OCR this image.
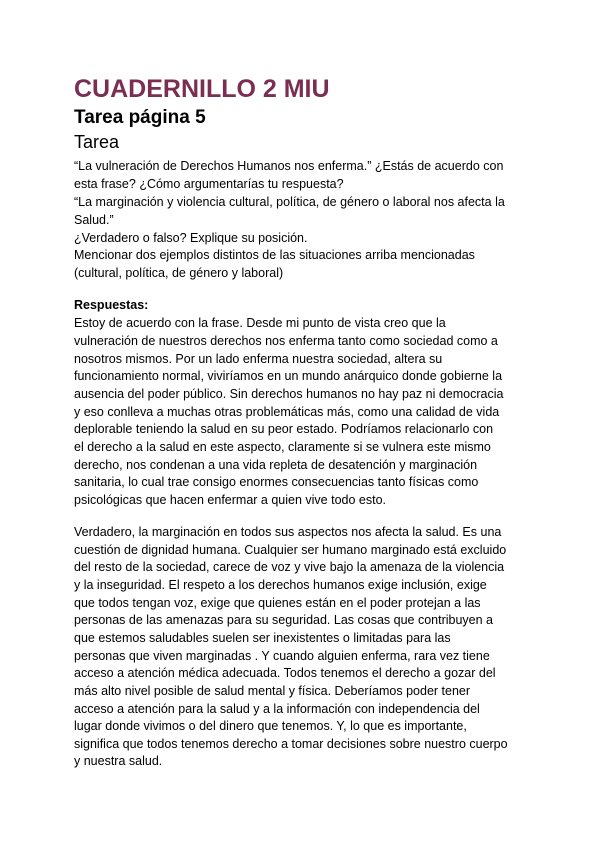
CUADERNILLO 2 MIU
Tarea página 5
Tarea

“La vulneración de Derechos Humanos nos enferma.” ¿Estás de acuerdo con

esta frase? ¿Cómo argumentarías tu respuesta?

“La marginación y violencia cultural, política, de género o laboral nos afecta la

Salud.”

¿Verdadero o falso? Explique su posición.

Mencionar dos ejemplos distintos de las situaciones arriba mencionadas

(cultural, política, de género y laboral)

Respuestas:

Estoy de acuerdo con la frase. Desde mi punto de vista creo que la

vulneración de nuestros derechos nos enferma tanto como sociedad como a

nosotros mismos. Por un lado enferma nuestra sociedad, altera su

funcionamiento normal, viviríamos en un mundo anárquico donde gobierne la

ausencia del poder público. Sin derechos humanos no hay paz ni democracia

y eso conlleva a muchas otras problemáticas más, como una calidad de vida

deplorable teniendo la salud en su peor estado. Podríamos relacionarlo con

el derecho a la salud en este aspecto, claramente si se vulnera este mismo

derecho, nos condenan a una vida repleta de desatención y marginación

sanitaria, lo cual trae consigo enormes consecuencias tanto físicas como

psicológicas que hacen enfermar a quien vive todo esto.

Verdadero, la marginación en todos sus aspectos nos afecta la salud. Es una

cuestión de dignidad humana. Cualquier ser humano marginado está excluido

del resto de la sociedad, carece de voz y vive bajo la amenaza de la violencia

y la inseguridad. El respeto a los derechos humanos exige inclusión, exige

que todos tengan voz, exige que quienes están en el poder protejan a las

personas de las amenazas para su seguridad. Las cosas que contribuyen a

que estemos saludables suelen ser inexistentes o limitadas para las

personas que viven marginadas . Y cuando alguien enferma, rara vez tiene

acceso a atención médica adecuada. Todos tenemos el derecho a gozar del

más alto nivel posible de salud mental y física. Deberíamos poder tener

acceso a atención para la salud y a la información con independencia del

lugar donde vivimos o del dinero que tenemos. Y, lo que es importante,

significa que todos tenemos derecho a tomar decisiones sobre nuestro cuerpo

y nuestra salud.
